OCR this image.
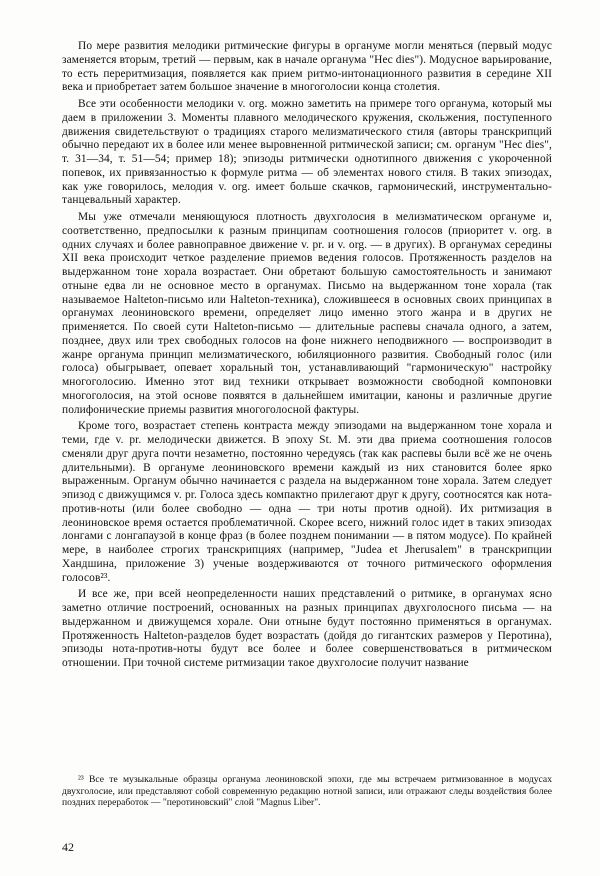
По мере развития мелодики ритмические фигуры в органуме могли меняться (первый модус заменяется вторым, третий — первым, как в начале органума "Hec dies"). Модусное варьирование, то есть перeритмизация, появляется как прием ритмо-интонационного развития в середине XII века и приобретает затем большое значение в многоголосии конца столетия.

Все эти особенности мелодики v. org. можно заметить на примере того органума, который мы даем в приложении 3. Моменты плавного мелодического кружения, скольжения, поступенного движения свидетельствуют о традициях старого мелизматического стиля (авторы транскрипций обычно передают их в более или менее выровненной ритмической записи; см. органум "Hec dies", т. 31—34, т. 51—54; пример 18); эпизоды ритмически однотипного движения с укороченной попевок, их привязанностью к формуле ритма — об элементах нового стиля. В таких эпизодах, как уже говорилось, мелодия v. org. имеет больше скачков, гармонический, инструментально-танцевальный характер.

Мы уже отмечали меняющуюся плотность двухголосия в мелизматическом органуме и, соответственно, предпосылки к разным принципам соотношения голосов (приоритет v. org. в одних случаях и более равноправное движение v. pr. и v. org. — в других). В органумах середины XII века происходит четкое разделение приемов ведения голосов. Протяженность разделов на выдержанном тоне хорала возрастает. Они обретают большую самостоятельность и занимают отныне едва ли не основное место в органумах. Письмо на выдержанном тоне хорала (так называемое Halteton-письмо или Halteton-техника), сложившееся в основных своих принципах в органумах леониновского времени, определяет лицо именно этого жанра и в других не применяется. По своей сути Halteton-письмо — длительные распевы сначала одного, а затем, позднее, двух или трех свободных голосов на фоне нижнего неподвижного — воспроизводит в жанре органума принцип мелизматического, юбиляционного развития. Свободный голос (или голоса) обыгрывает, опевает хоральный тон, устанавливающий "гармоническую" настройку многоголосию. Именно этот вид техники открывает возможности свободной компоновки многоголосия, на этой основе появятся в дальнейшем имитации, каноны и различные другие полифонические приемы развития многоголосной фактуры.

Кроме того, возрастает степень контраста между эпизодами на выдержанном тоне хорала и теми, где v. pr. мелодически движется. В эпоху St. M. эти два приема соотношения голосов сменяли друг друга почти незаметно, постоянно чередуясь (так как распевы были всё же не очень длительными). В органуме леониновского времени каждый из них становится более ярко выраженным. Органум обычно начинается с раздела на выдержанном тоне хорала. Затем следует эпизод с движущимся v. pr. Голоса здесь компактно прилегают друг к другу, соотносятся как нота-против-ноты (или более свободно — одна — три ноты против одной). Их ритмизация в леониновское время остается проблематичной. Скорее всего, нижний голос идет в таких эпизодах лонгами с лонгапаузой в конце фраз (в более позднем понимании — в пятом модусе). По крайней мере, в наиболее строгих транскрипциях (например, "Judea et Jherusalem" в транскрипции Хандшина, приложение 3) ученые воздерживаются от точного ритмического оформления голосов²³.

И все же, при всей неопределенности наших представлений о ритмике, в органумах ясно заметно отличие построений, основанных на разных принципах двухголосного письма — на выдержанном и движущемся хорале. Они отныне будут постоянно применяться в органумах. Протяженность Halteton-разделов будет возрастать (дойдя до гигантских размеров у Перотина), эпизоды нота-против-ноты будут все более и более совершенствоваться в ритмическом отношении. При точной системе ритмизации такое двухголосие получит название

²³ Все те музыкальные образцы органума леониновской эпохи, где мы встречаем ритмизованное в модусах двухголосие, или представляют собой современную редакцию нотной записи, или отражают следы воздействия более поздних переработок — "перотиновский" слой "Magnus Liber".

42
